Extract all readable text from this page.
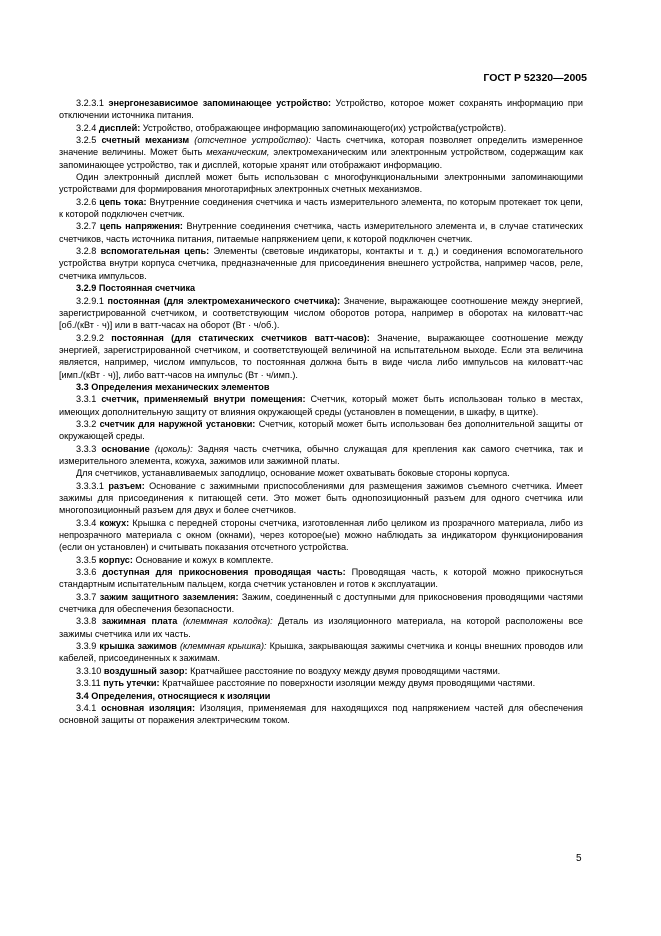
ГОСТ Р 52320—2005

3.2.3.1 энергонезависимое запоминающее устройство: Устройство, которое может сохранять информацию при отключении источника питания.

3.2.4 дисплей: Устройство, отображающее информацию запоминающего(их) устройства(устройств).

3.2.5 счетный механизм (отсчетное устройство): Часть счетчика, которая позволяет определить измеренное значение величины. Может быть механическим, электромеханическим или электронным устройством, содержащим как запоминающее устройство, так и дисплей, которые хранят или отображают информацию.

Один электронный дисплей может быть использован с многофункциональными электронными запоминающими устройствами для формирования многотарифных электронных счетных механизмов.

3.2.6 цепь тока: Внутренние соединения счетчика и часть измерительного элемента, по которым протекает ток цепи, к которой подключен счетчик.

3.2.7 цепь напряжения: Внутренние соединения счетчика, часть измерительного элемента и, в случае статических счетчиков, часть источника питания, питаемые напряжением цепи, к которой подключен счетчик.

3.2.8 вспомогательная цепь: Элементы (световые индикаторы, контакты и т. д.) и соединения вспомогательного устройства внутри корпуса счетчика, предназначенные для присоединения внешнего устройства, например часов, реле, счетчика импульсов.

3.2.9 Постоянная счетчика

3.2.9.1 постоянная (для электромеханического счетчика): Значение, выражающее соотношение между энергией, зарегистрированной счетчиком, и соответствующим числом оборотов ротора, например в оборотах на киловатт-час [об./(кВт · ч)] или в ватт-часах на оборот (Вт · ч/об.).

3.2.9.2 постоянная (для статических счетчиков ватт-часов): Значение, выражающее соотношение между энергией, зарегистрированной счетчиком, и соответствующей величиной на испытательном выходе. Если эта величина является, например, числом импульсов, то постоянная должна быть в виде числа либо импульсов на киловатт-час [имп./(кВт · ч)], либо ватт-часов на импульс (Вт · ч/имп.).

3.3 Определения механических элементов

3.3.1 счетчик, применяемый внутри помещения: Счетчик, который может быть использован только в местах, имеющих дополнительную защиту от влияния окружающей среды (установлен в помещении, в шкафу, в щитке).

3.3.2 счетчик для наружной установки: Счетчик, который может быть использован без дополнительной защиты от окружающей среды.

3.3.3 основание (цоколь): Задняя часть счетчика, обычно служащая для крепления как самого счетчика, так и измерительного элемента, кожуха, зажимов или зажимной платы.

Для счетчиков, устанавливаемых заподлицо, основание может охватывать боковые стороны корпуса.

3.3.3.1 разъем: Основание с зажимными приспособлениями для размещения зажимов съемного счетчика. Имеет зажимы для присоединения к питающей сети. Это может быть однопозиционный разъем для одного счетчика или многопозиционный разъем для двух и более счетчиков.

3.3.4 кожух: Крышка с передней стороны счетчика, изготовленная либо целиком из прозрачного материала, либо из непрозрачного материала с окном (окнами), через которое(ые) можно наблюдать за индикатором функционирования (если он установлен) и считывать показания отсчетного устройства.

3.3.5 корпус: Основание и кожух в комплекте.

3.3.6 доступная для прикосновения проводящая часть: Проводящая часть, к которой можно прикоснуться стандартным испытательным пальцем, когда счетчик установлен и готов к эксплуатации.

3.3.7 зажим защитного заземления: Зажим, соединенный с доступными для прикосновения проводящими частями счетчика для обеспечения безопасности.

3.3.8 зажимная плата (клеммная колодка): Деталь из изоляционного материала, на которой расположены все зажимы счетчика или их часть.

3.3.9 крышка зажимов (клеммная крышка): Крышка, закрывающая зажимы счетчика и концы внешних проводов или кабелей, присоединенных к зажимам.

3.3.10 воздушный зазор: Кратчайшее расстояние по воздуху между двумя проводящими частями.

3.3.11 путь утечки: Кратчайшее расстояние по поверхности изоляции между двумя проводящими частями.

3.4 Определения, относящиеся к изоляции

3.4.1 основная изоляция: Изоляция, применяемая для находящихся под напряжением частей для обеспечения основной защиты от поражения электрическим током.

5
